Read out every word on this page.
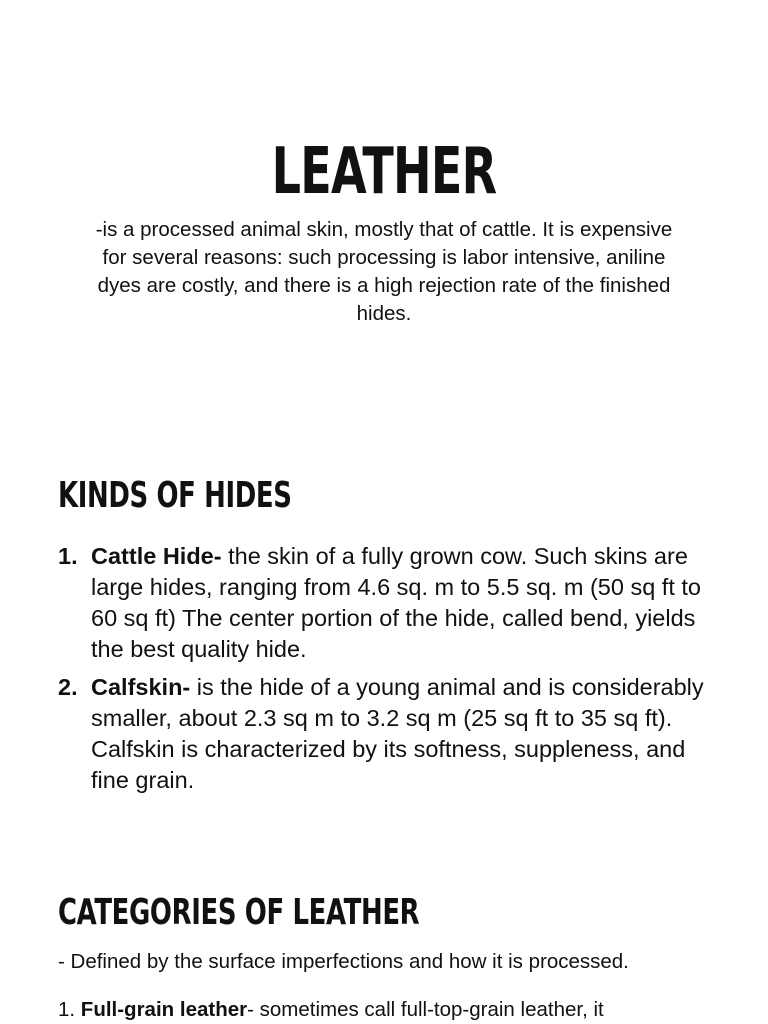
LEATHER

-is a processed animal skin, mostly that of cattle. It is expensive for several reasons: such processing is labor intensive, aniline dyes are costly, and there is a high rejection rate of the finished hides.

KINDS OF HIDES
1. Cattle Hide- the skin of a fully grown cow. Such skins are large hides, ranging from 4.6 sq. m to 5.5 sq. m (50 sq ft to 60 sq ft) The center portion of the hide, called bend, yields the best quality hide.
2. Calfskin- is the hide of a young animal and is considerably smaller, about 2.3 sq m to 3.2 sq m (25 sq ft to 35 sq ft). Calfskin is characterized by its softness, suppleness, and fine grain.
CATEGORIES OF LEATHER

- Defined by the surface imperfections and how it is processed.

1. Full-grain leather- sometimes call full-top-grain leather, it
